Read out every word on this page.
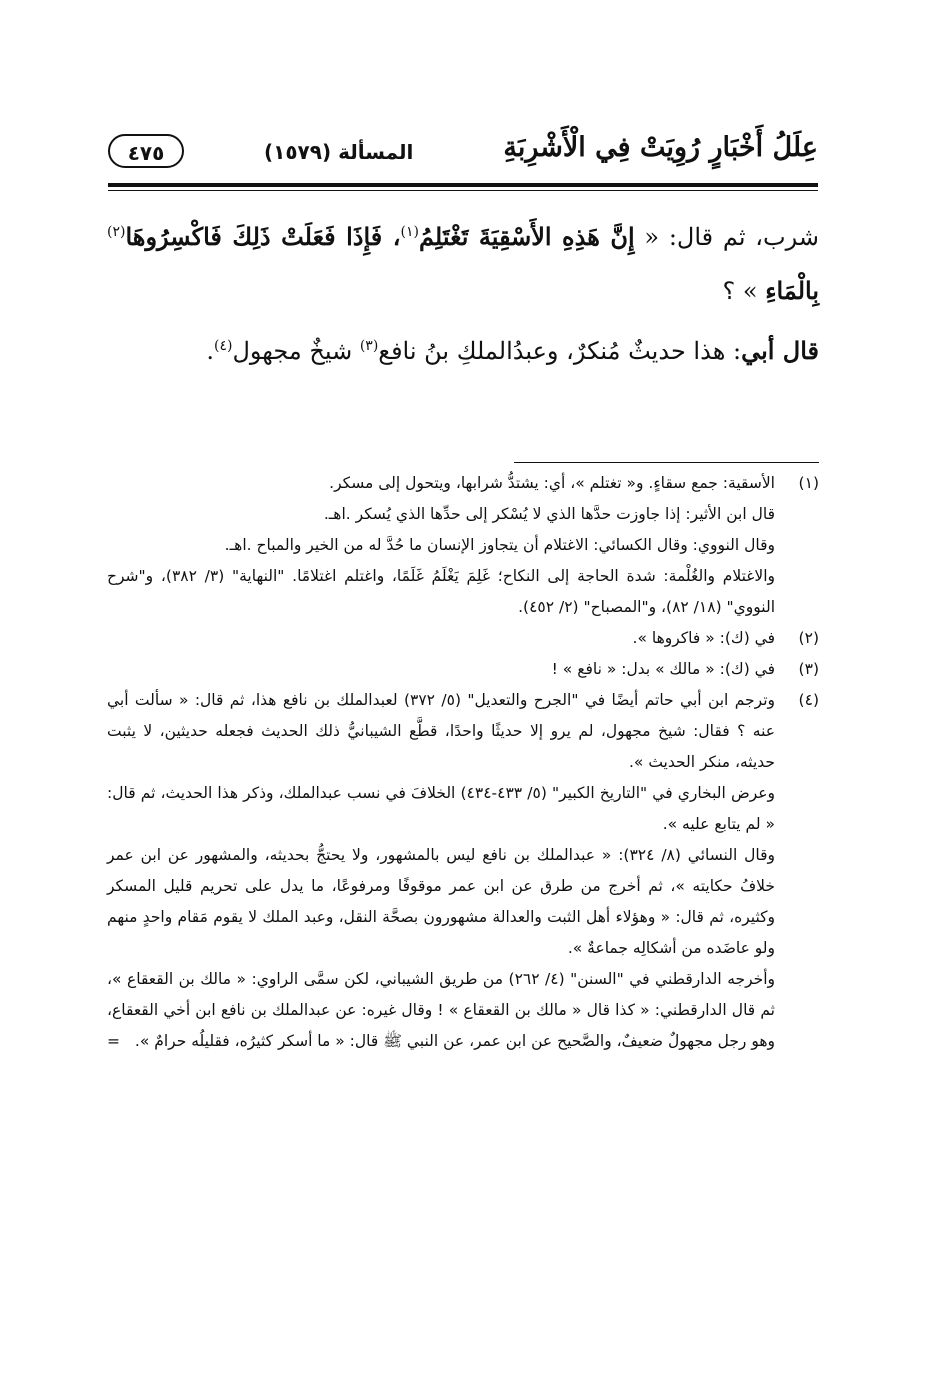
عِلَلُ أَخْبَارٍ رُوِيَتْ فِي الْأَشْرِبَةِ
المسألة (١٥٧٩)
٤٧٥

شرب، ثم قال: « إِنَّ هَذِهِ الأَسْقِيَةَ تَغْتَلِمُ$^{(١)}$، فَإِذَا فَعَلَتْ ذَلِكَ فَاكْسِرُوهَا$^{(٢)}$ بِالْمَاءِ » ؟

قال أبي: هذا حديثٌ مُنكرٌ، وعبدُالملكِ بنُ نافع$^{(٣)}$ شيخٌ مجهول$^{(٤)}$.

(١)

الأسقية: جمع سقاءٍ. و« تغتلم »، أي: يشتدُّ شرابها، ويتحول إلى مسكر.

قال ابن الأثير: إذا جاوزت حدَّها الذي لا يُسْكر إلى حدِّها الذي يُسكر .اهـ.

وقال النووي: وقال الكسائي: الاغتلام أن يتجاوز الإنسان ما حُدَّ له من الخير والمباح .اهـ.

والاغتلام والغُلْمة: شدة الحاجة إلى النكاح؛ غَلِمَ يَغْلَمُ غَلَمًا، واغتلم اغتلامًا. "النهاية" (٣/ ٣٨٢)، و"شرح النووي" (١٨/ ٨٢)، و"المصباح" (٢/ ٤٥٢).

(٢)

في (ك): « فاكروها ».

(٣)

في (ك): « مالك » بدل: « نافع » !

(٤)

وترجم ابن أبي حاتم أيضًا في "الجرح والتعديل" (٥/ ٣٧٢) لعبدالملك بن نافع هذا، ثم قال: « سألت أبي عنه ؟ فقال: شيخ مجهول، لم يرو إلا حديثًا واحدًا، قطَّع الشيبانيُّ ذلك الحديث فجعله حديثين، لا يثبت حديثه، منكر الحديث ».

وعرض البخاري في "التاريخ الكبير" (٥/ ٤٣٣-٤٣٤) الخلافَ في نسب عبدالملك، وذكر هذا الحديث، ثم قال: « لم يتابع عليه ».

وقال النسائي (٨/ ٣٢٤): « عبدالملك بن نافع ليس بالمشهور، ولا يحتجُّ بحديثه، والمشهور عن ابن عمر خلافُ حكايته »، ثم أخرج من طرق عن ابن عمر موقوفًا ومرفوعًا، ما يدل على تحريم قليل المسكر وكثيره، ثم قال: « وهؤلاء أهل الثبت والعدالة مشهورون بصحَّة النقل، وعبد الملك لا يقوم مَقام واحدٍ منهم ولو عاضَده من أشكالِه جماعةٌ ».

وأخرجه الدارقطني في "السنن" (٤/ ٢٦٢) من طريق الشيباني، لكن سمَّى الراوي: « مالك بن القعقاع »، ثم قال الدارقطني: « كذا قال « مالك بن القعقاع » ! وقال غيره: عن عبدالملك بن نافع ابن أخي القعقاع، وهو رجل مجهولٌ ضعيفٌ، والصَّحيح عن ابن عمر، عن النبي ﷺ قال: « ما أسكر كثيرُه، فقليلُه حرامٌ ».

=
